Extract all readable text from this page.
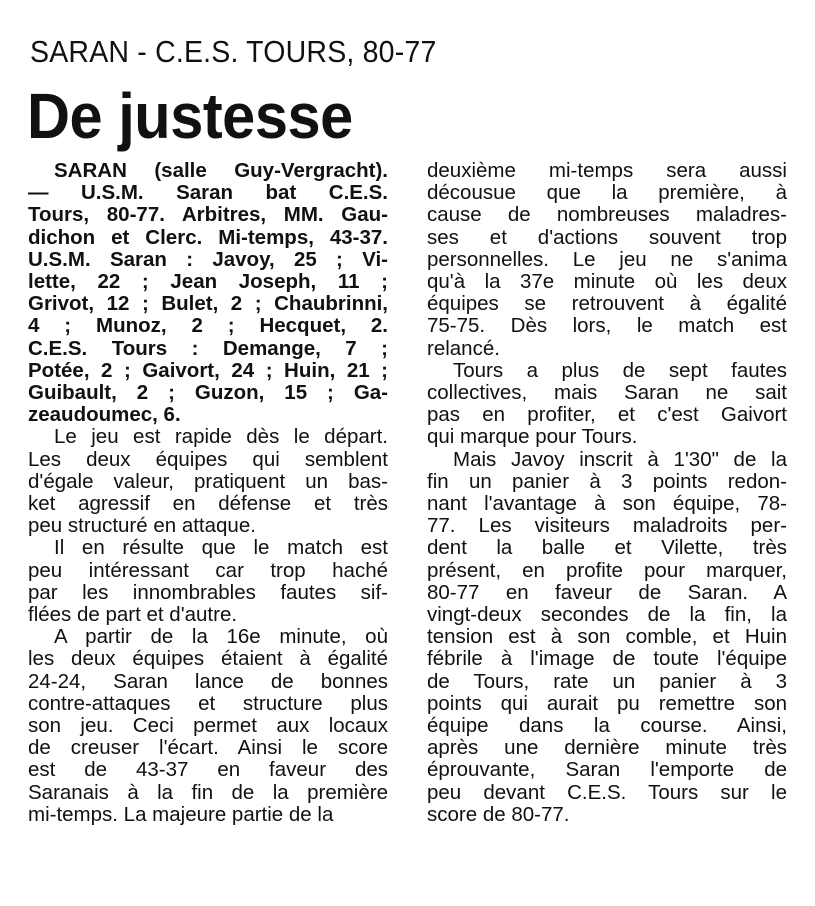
SARAN - C.E.S. TOURS, 80-77
De justesse

SARAN (salle Guy-Vergracht).
— U.S.M. Saran bat C.E.S.
Tours, 80-77. Arbitres, MM. Gau-
dichon et Clerc. Mi-temps, 43-37.
U.S.M. Saran : Javoy, 25 ; Vi-
lette, 22 ; Jean Joseph, 11 ;
Grivot, 12 ; Bulet, 2 ; Chaubrinni,
4 ; Munoz, 2 ; Hecquet, 2.
C.E.S. Tours : Demange, 7 ;
Potée, 2 ; Gaivort, 24 ; Huin, 21 ;
Guibault, 2 ; Guzon, 15 ; Ga-
zeaudoumec, 6.

Le jeu est rapide dès le départ.
Les deux équipes qui semblent
d'égale valeur, pratiquent un bas-
ket agressif en défense et très
peu structuré en attaque.

Il en résulte que le match est
peu intéressant car trop haché
par les innombrables fautes sif-
flées de part et d'autre.

A partir de la 16e minute, où
les deux équipes étaient à égalité
24-24, Saran lance de bonnes
contre-attaques et structure plus
son jeu. Ceci permet aux locaux
de creuser l'écart. Ainsi le score
est de 43-37 en faveur des
Saranais à la fin de la première
mi-temps. La majeure partie de la

deuxième mi-temps sera aussi
décousue que la première, à
cause de nombreuses maladres-
ses et d'actions souvent trop
personnelles. Le jeu ne s'anima
qu'à la 37e minute où les deux
équipes se retrouvent à égalité
75-75. Dès lors, le match est
relancé.

Tours a plus de sept fautes
collectives, mais Saran ne sait
pas en profiter, et c'est Gaivort
qui marque pour Tours.

Mais Javoy inscrit à 1'30" de la
fin un panier à 3 points redon-
nant l'avantage à son équipe, 78-
77. Les visiteurs maladroits per-
dent la balle et Vilette, très
présent, en profite pour marquer,
80-77 en faveur de Saran. A
vingt-deux secondes de la fin, la
tension est à son comble, et Huin
fébrile à l'image de toute l'équipe
de Tours, rate un panier à 3
points qui aurait pu remettre son
équipe dans la course. Ainsi,
après une dernière minute très
éprouvante, Saran l'emporte de
peu devant C.E.S. Tours sur le
score de 80-77.
